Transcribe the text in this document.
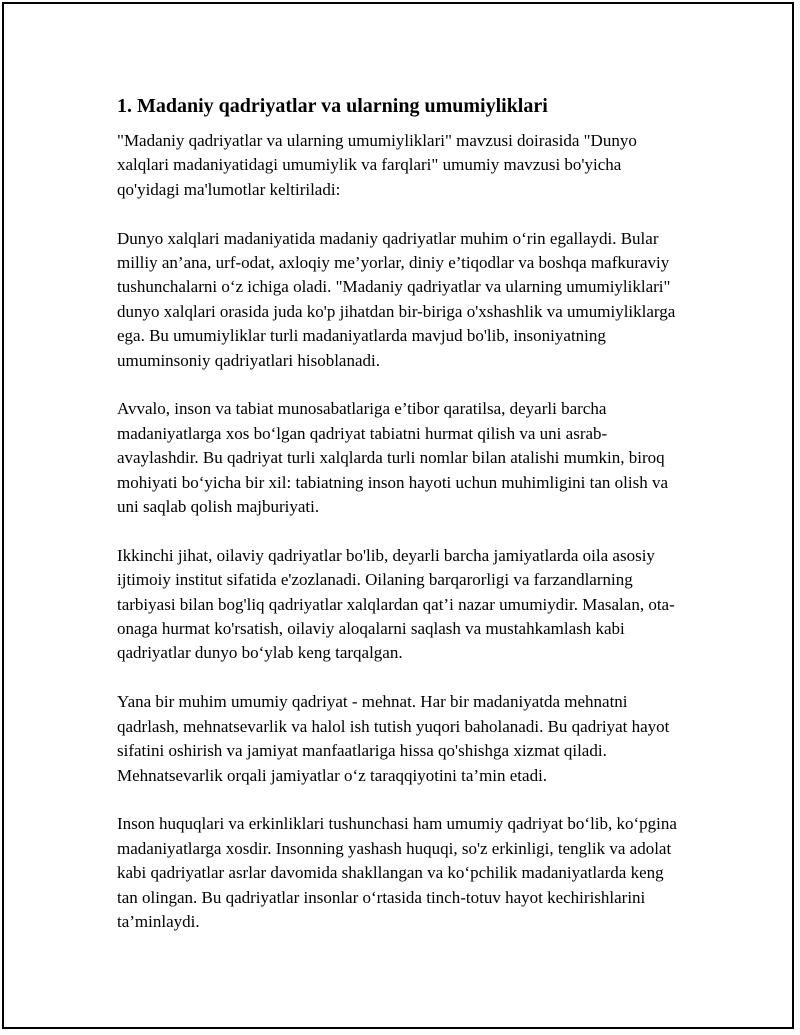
1. Madaniy qadriyatlar va ularning umumiyliklari

"Madaniy qadriyatlar va ularning umumiyliklari" mavzusi doirasida "Dunyo xalqlari madaniyatidagi umumiylik va farqlari" umumiy mavzusi bo'yicha qo'yidagi ma'lumotlar keltiriladi:

Dunyo xalqlari madaniyatida madaniy qadriyatlar muhim o‘rin egallaydi. Bular milliy an’ana, urf-odat, axloqiy me’yorlar, diniy e’tiqodlar va boshqa mafkuraviy tushunchalarni o‘z ichiga oladi. "Madaniy qadriyatlar va ularning umumiyliklari" dunyo xalqlari orasida juda ko'p jihatdan bir-biriga o'xshashlik va umumiyliklarga ega. Bu umumiyliklar turli madaniyatlarda mavjud bo'lib, insoniyatning umuminsoniy qadriyatlari hisoblanadi.

Avvalo, inson va tabiat munosabatlariga e’tibor qaratilsa, deyarli barcha madaniyatlarga xos bo‘lgan qadriyat tabiatni hurmat qilish va uni asrab-avaylashdir. Bu qadriyat turli xalqlarda turli nomlar bilan atalishi mumkin, biroq mohiyati bo‘yicha bir xil: tabiatning inson hayoti uchun muhimligini tan olish va uni saqlab qolish majburiyati.

Ikkinchi jihat, oilaviy qadriyatlar bo'lib, deyarli barcha jamiyatlarda oila asosiy ijtimoiy institut sifatida e'zozlanadi. Oilaning barqarorligi va farzandlarning tarbiyasi bilan bog'liq qadriyatlar xalqlardan qat’i nazar umumiydir. Masalan, ota-onaga hurmat ko'rsatish, oilaviy aloqalarni saqlash va mustahkamlash kabi qadriyatlar dunyo bo‘ylab keng tarqalgan.

Yana bir muhim umumiy qadriyat - mehnat. Har bir madaniyatda mehnatni qadrlash, mehnatsevarlik va halol ish tutish yuqori baholanadi. Bu qadriyat hayot sifatini oshirish va jamiyat manfaatlariga hissa qo'shishga xizmat qiladi. Mehnatsevarlik orqali jamiyatlar o‘z taraqqiyotini ta’min etadi.

Inson huquqlari va erkinliklari tushunchasi ham umumiy qadriyat bo‘lib, ko‘pgina madaniyatlarga xosdir. Insonning yashash huquqi, so'z erkinligi, tenglik va adolat kabi qadriyatlar asrlar davomida shakllangan va ko‘pchilik madaniyatlarda keng tan olingan. Bu qadriyatlar insonlar o‘rtasida tinch-totuv hayot kechirishlarini ta’minlaydi.
